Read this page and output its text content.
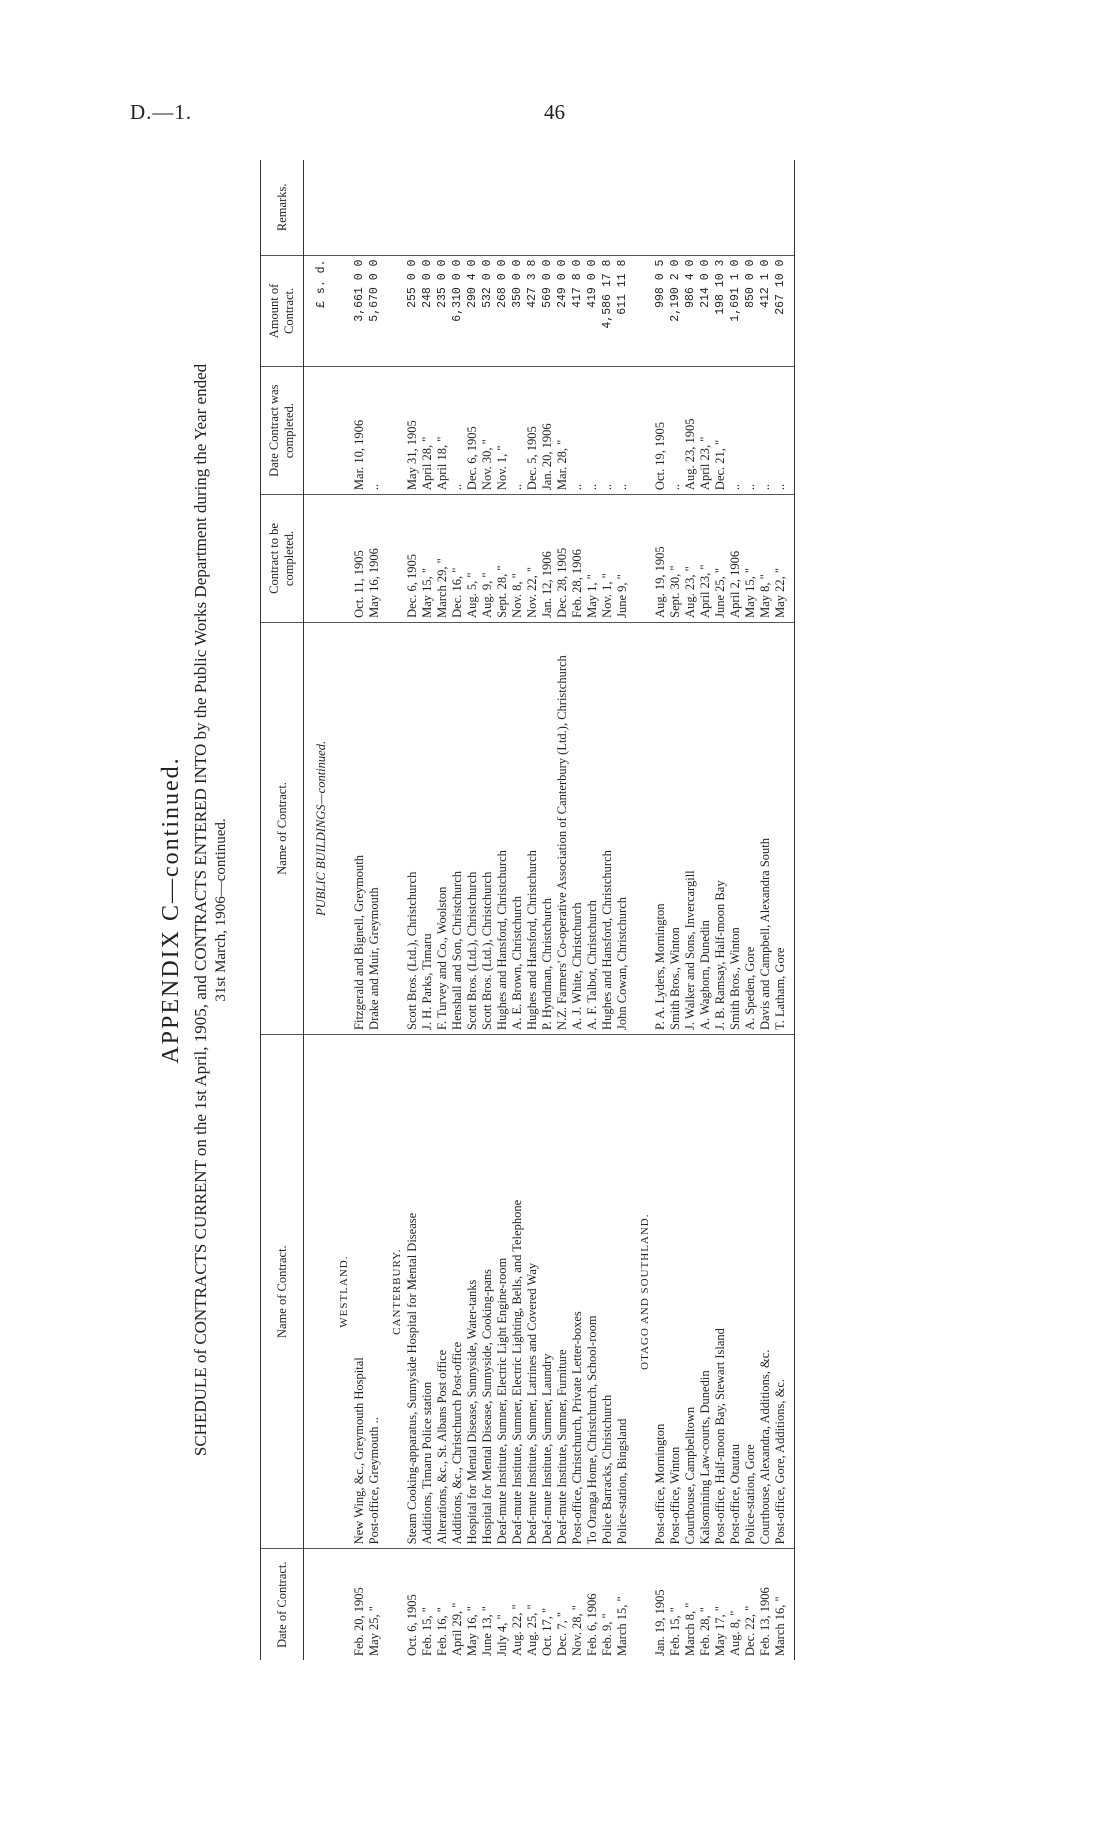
D.—1.	46
APPENDIX C—continued. SCHEDULE of CONTRACTS CURRENT on the 1st April, 1905, and CONTRACTS ENTERED INTO by the Public Works Department during the Year ended 31st March, 1906—continued.
Date of Contract.	Name of Contract.	Name of Contract.	Contract to be completed.	Date Contract was completed.	Amount of Contract.	Remarks.
		PUBLIC BUILDINGS—continued.			£ s. d.	
	WESTLAND.					
Feb. 20, 1905	New Wing, &c., Greymouth Hospital	Fitzgerald and Bignell, Greymouth	Oct. 11, 1905	Mar. 10, 1906	3,661 0 0	
May 25, "	Post-office, Greymouth ..	Drake and Muir, Greymouth	May 16, 1906	..	5,670 0 0	
	CANTERBURY.					
Oct. 6, 1905	Steam Cooking-apparatus, Sunnyside Hospital for Mental Disease	Scott Bros. (Ltd.), Christchurch	Dec. 6, 1905	May 31, 1905	255 0 0	
Feb. 15, "	Additions, Timaru Police station	J. H. Parks, Timaru	May 15, "	April 28, "	248 0 0	
Feb. 16, "	Alterations, &c., St. Albans Post office	F. Turvey and Co., Woolston	March 29, "	April 18, "	235 0 0	
April 29, "	Additions, &c., Christchurch Post-office	Henshall and Son, Christchurch	Dec. 16, "	..	6,310 0 0	
May 16, "	Hospital for Mental Disease, Sunnyside, Water-tanks	Scott Bros. (Ltd.), Christchurch	Aug. 5, "	Dec. 6, 1905	290 4 0	
June 13, "	Hospital for Mental Disease, Sunnyside, Cooking-pans	Scott Bros. (Ltd.), Christchurch	Aug. 9, "	Nov. 30, "	532 0 0	
July 4, "	Deaf-mute Institute, Sumner, Electric Light Engine-room	Hughes and Hansford, Christchurch	Sept. 28, "	Nov. 1, "	268 0 0	
Aug. 22, "	Deaf-mute Institute, Sumner, Electric Lighting, Bells, and Telephone	A. E. Brown, Christchurch	Nov. 8, "	..	350 0 0	
Aug. 25, "	Deaf-mute Institute, Sumner, Latrines and Covered Way	Hughes and Hansford, Christchurch	Nov. 22, "	Dec. 5, 1905	427 3 8	
Oct. 17, "	Deaf-mute Institute, Sumner, Laundry	P. Hyndman, Christchurch	Jan. 12, 1906	Jan. 20, 1906	569 0 0	
Dec. 7, "	Deaf-mute Institute, Sumner, Furniture	N.Z. Farmers' Co-operative Association of Canterbury (Ltd.), Christchurch	Dec. 28, 1905	Mar. 28, "	249 0 0	
Nov. 28, "	Post-office, Christchurch, Private Letter-boxes	A. J. White, Christchurch	Feb. 28, 1906	..	417 8 0	
Feb. 6, 1906	To Oranga Home, Christchurch, School-room	A. F. Talbot, Christchurch	May 1, "	..	419 0 0	
Feb. 9, "	Police Barracks, Christchurch	Hughes and Hansford, Christchurch	Nov. 1, "	..	4,586 17 8	
March 15, "	Police-station, Bingsland	John Cowan, Christchurch	June 9, "	..	611 11 8	
	OTAGO AND SOUTHLAND.					
Jan. 19, 1905	Post-office, Mornington	P. A. Lyders, Mornington	Aug. 19, 1905	Oct. 19, 1905	998 0 5	
Feb. 15, "	Post-office, Winton	Smith Bros., Winton	Sept. 30, "	..	2,190 2 0	
March 8, "	Courthouse, Campbelltown	J. Walker and Sons, Invercargill	Aug. 23, "	Aug. 23, 1905	986 4 0	
Feb. 28, "	Kalsomining Law-courts, Dunedin	A. Waghorn, Dunedin	April 23, "	April 23, "	214 0 0	
May 17, "	Post-office, Half-moon Bay, Stewart Island	J. B. Ramsay, Half-moon Bay	June 25, "	Dec. 21, "	198 10 3	
Aug. 8, "	Post-office, Otautau	Smith Bros., Winton	April 2, 1906	..	1,691 1 0	
Dec. 22, "	Police-station, Gore	A. Speden, Gore	May 15, "	..	850 0 0	
Feb. 13, 1906	Courthouse, Alexandra, Additions, &c.	Davis and Campbell, Alexandra South	May 8, "	..	412 1 0	
March 16, "	Post-office, Gore, Additions, &c.	T. Latham, Gore	May 22, "	..	267 10 0	
